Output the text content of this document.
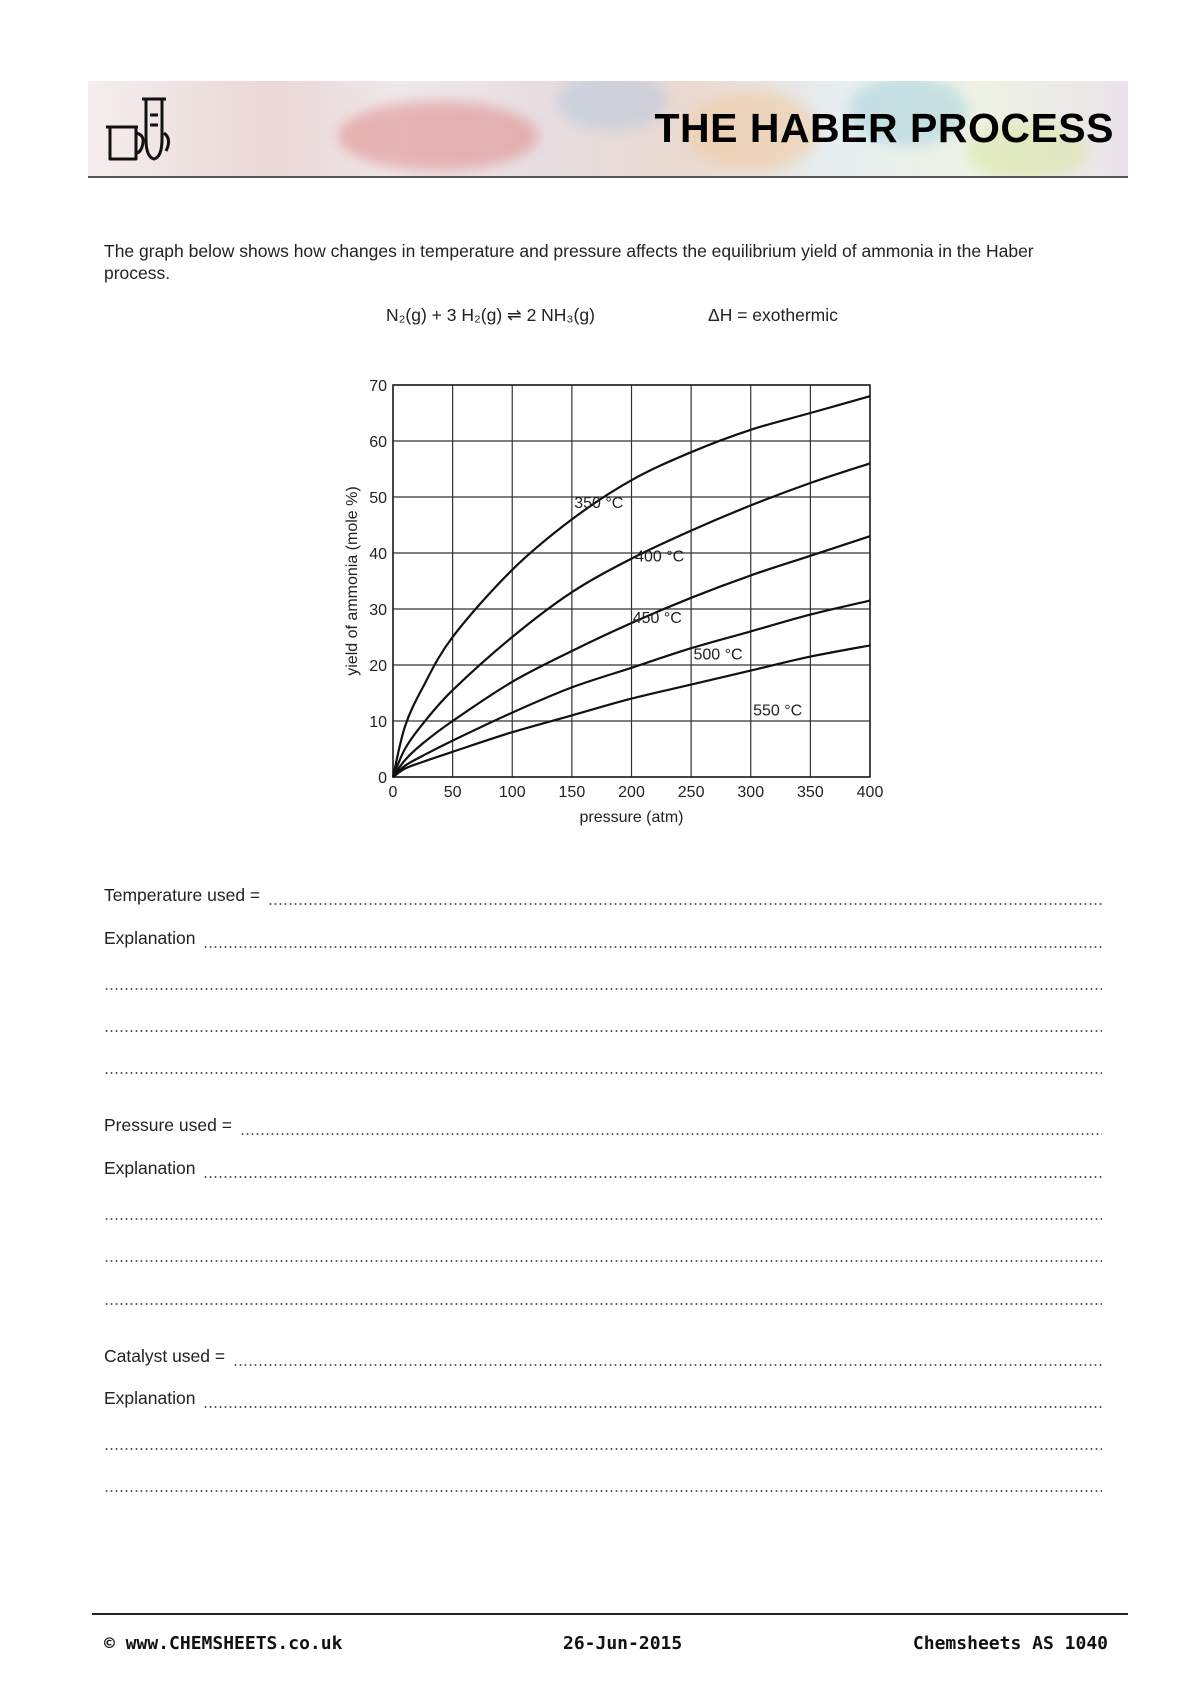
THE HABER PROCESS
The graph below shows how changes in temperature and pressure affects the equilibrium yield of ammonia in the Haber process.
N₂(g) + 3 H₂(g) ⇌ 2 NH₃(g)	ΔH = exothermic
0	50 100 150 200 250 300 350 400
0
10
20
30
40
50
60
70
pressure (atm)
yield of ammonia (mole %)	350 °C
400 °C
450 °C
500 °C
550 °C
Temperature used =
Explanation
Pressure used =
Explanation
Catalyst used =
Explanation
© www.CHEMSHEETS.co.uk	26-Jun-2015	Chemsheets AS 1040
